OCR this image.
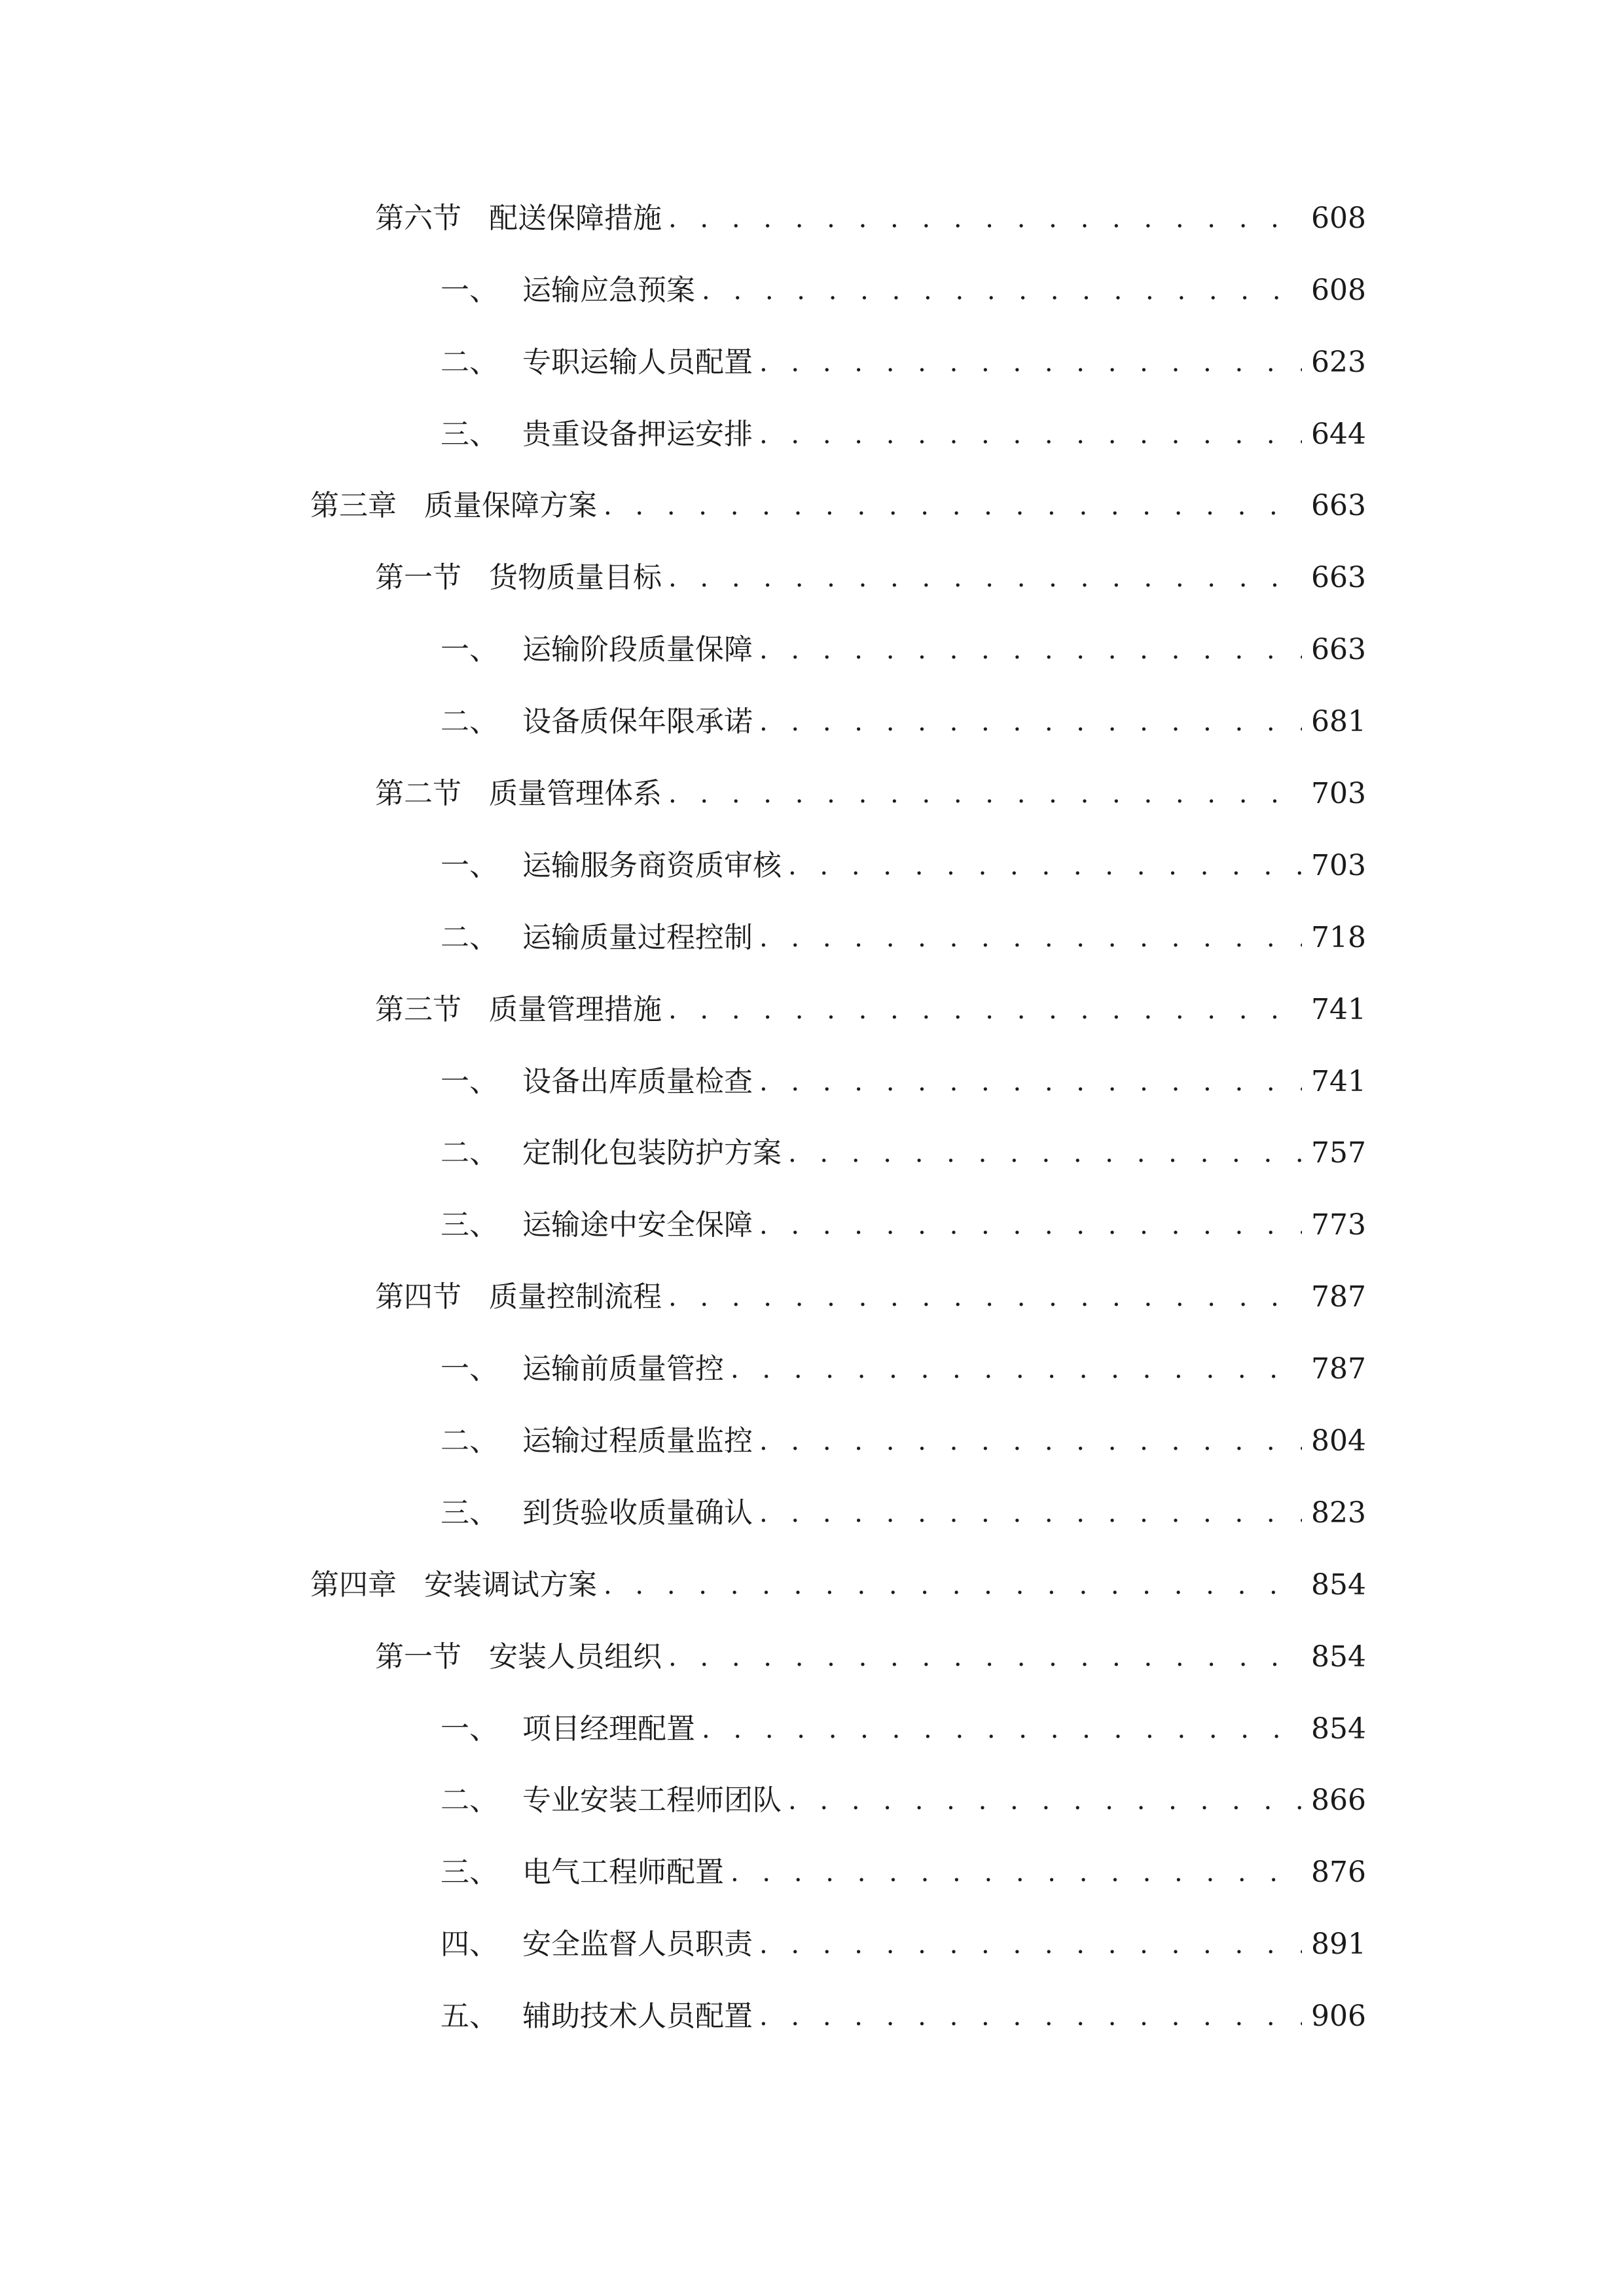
第六节 配送保障措施 . . .	608
一、 运输应急预案 . . .	608
二、 专职运输人员配置 . . .	623
三、 贵重设备押运安排 . . .	644
第三章 质量保障方案 . . .	663
第一节 货物质量目标 . . .	663
一、 运输阶段质量保障 . . .	663
二、 设备质保年限承诺 . . .	681
第二节 质量管理体系 . . .	703
一、 运输服务商资质审核 . . .	703
二、 运输质量过程控制 . . .	718
第三节 质量管理措施 . . .	741
一、 设备出库质量检查 . . .	741
二、 定制化包装防护方案 . . .	757
三、 运输途中安全保障 . . .	773
第四节 质量控制流程 . . .	787
一、 运输前质量管控 . . .	787
二、 运输过程质量监控 . . .	804
三、 到货验收质量确认 . . .	823
第四章 安装调试方案 . . .	854
第一节 安装人员组织 . . .	854
一、 项目经理配置 . . .	854
二、 专业安装工程师团队 . . .	866
三、 电气工程师配置 . . .	876
四、 安全监督人员职责 . . .	891
五、 辅助技术人员配置 . . .	906
